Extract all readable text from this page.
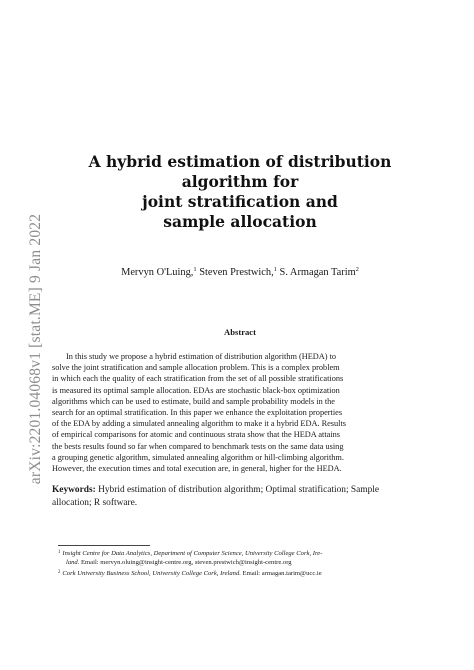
arXiv:2201.04068v1 [stat.ME] 9 Jan 2022
A hybrid estimation of distribution
algorithm for
joint stratification and
sample allocation
Mervyn O'Luing,$^1$ Steven Prestwich,$^1$ S. Armagan Tarim$^2$
Abstract
In this study we propose a hybrid estimation of distribution algorithm (HEDA) to
solve the joint stratification and sample allocation problem. This is a complex problem
in which each the quality of each stratification from the set of all possible stratifications
is measured its optimal sample allocation. EDAs are stochastic black-box optimization
algorithms which can be used to estimate, build and sample probability models in the
search for an optimal stratification. In this paper we enhance the exploitation properties
of the EDA by adding a simulated annealing algorithm to make it a hybrid EDA. Results
of empirical comparisons for atomic and continuous strata show that the HEDA attains
the bests results found so far when compared to benchmark tests on the same data using
a grouping genetic algorithm, simulated annealing algorithm or hill-climbing algorithm.
However, the execution times and total execution are, in general, higher for the HEDA.
Keywords: Hybrid estimation of distribution algorithm; Optimal stratification; Sample
allocation; R software.
$^1$ Insight Centre for Data Analytics, Department of Computer Science, University College Cork, Ire-
land. Email: mervyn.oluing@insight-centre.org, steven.prestwich@insight-centre.org
$^2$ Cork University Business School, University College Cork, Ireland. Email: armagan.tarim@ucc.ie
